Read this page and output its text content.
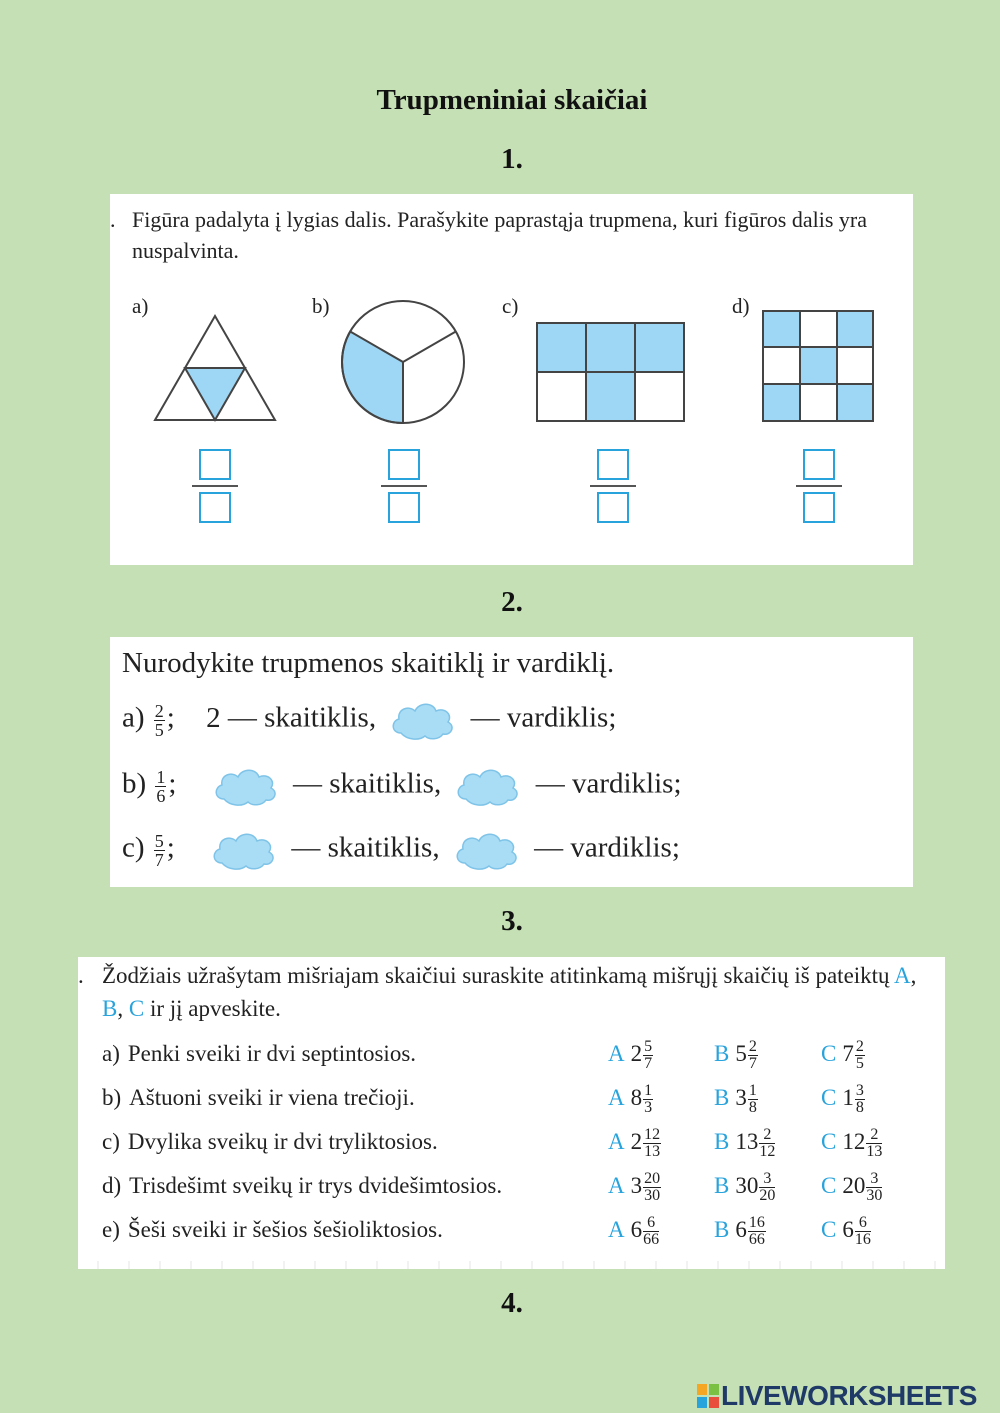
Trupmeniniai skaičiai
1.
2.
3.
4.
. Figūra padalyta į lygias dalis. Parašykite paprastąja trupmena, kuri figūros dalis yra nuspalvinta.
a)	b)	c)	d)
Nurodykite trupmenos skaitiklį ir vardiklį.
$a) \frac{2}{5}$ ; 2 — skaitiklis,	— vardiklis;
$b) \frac{1}{6}$ ;	— skaitiklis,	— vardiklis;
$c) \frac{5}{7}$ ;	— skaitiklis,	— vardiklis;
. Žodžiais užrašytam mišriajam skaičiui suraskite atitinkamą mišrųjį skaičių iš pateiktų A, B, C ir jį apveskite.
a) Penki sveiki ir dvi septintosios.	A $2 \frac{5}{7}$	B $5 \frac{2}{7}$	C $7 \frac{2}{5}$
b) Aštuoni sveiki ir viena trečioji.	A $8 \frac{1}{3}$	B $3 \frac{1}{8}$	C $1 \frac{3}{8}$
c) Dvylika sveikų ir dvi tryliktosios.	A $2 \frac{12}{13}$ B $13 \frac{2}{12}$ C $12 \frac{2}{13}$
d) Trisdešimt sveikų ir trys dvidešimtosios.	A $3 \frac{20}{30}$ B $30 \frac{3}{20}$ C $20 \frac{3}{30}$
e) Šeši sveiki ir šešios šešioliktosios.	A $6 \frac{6}{66}$ B $6 \frac{16}{66}$ C $6 \frac{6}{16}$
LIVEWORKSHEETS
